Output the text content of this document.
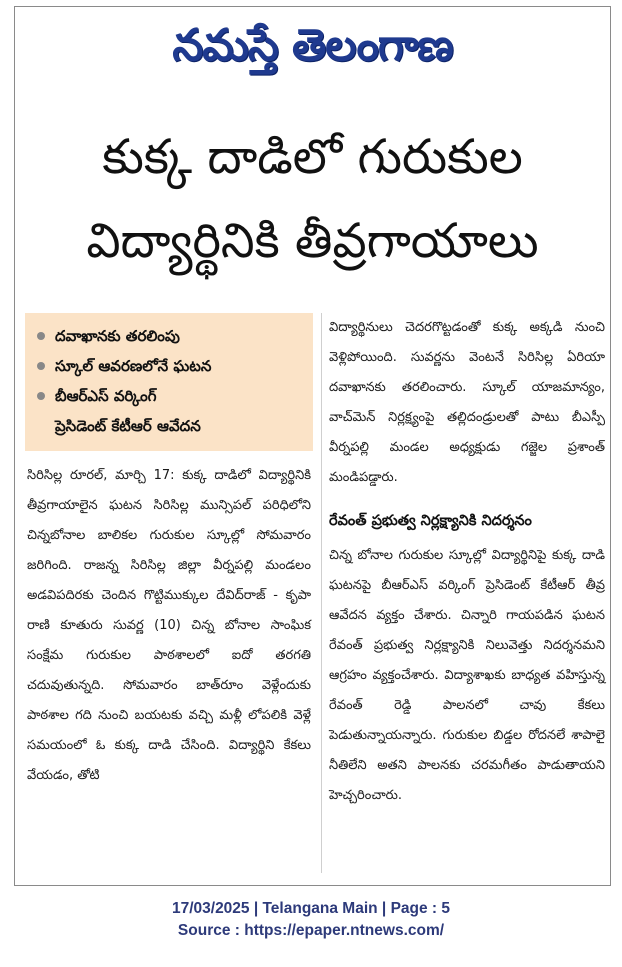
నమస్తే తెలంగాణ
కుక్క దాడిలో గురుకుల
విద్యార్థినికి తీవ్రగాయాలు
దవాఖానకు తరలింపు
స్కూల్ ఆవరణలోనే ఘటన
బీఆర్ఎస్ వర్కింగ్
ప్రెసిడెంట్ కేటీఆర్ ఆవేదన

సిరిసిల్ల రూరల్, మార్చి 17: కుక్క దాడిలో విద్యార్థినికి తీవ్రగాయాలైన ఘటన సిరిసిల్ల మున్సిపల్ పరిధిలోని చిన్నబోనాల బాలికల గురుకుల స్కూల్లో సోమవారం జరిగింది. రాజన్న సిరిసిల్ల జిల్లా వీర్నపల్లి మండలం అడవిపదిరకు చెందిన గొట్టిముక్కుల దేవిద్‌రాజ్ - కృపా రాణి కూతురు సువర్ణ (10) చిన్న బోనాల సాంఘిక సంక్షేమ గురుకుల పాఠశాలలో ఐదో తరగతి చదువుతున్నది. సోమవారం బాత్‌రూం వెళ్లేందుకు పాఠశాల గది నుంచి బయటకు వచ్చి మళ్లీ లోపలికి వెళ్లే సమయంలో ఓ కుక్క దాడి చేసింది. విద్యార్థిని కేకలు వేయడం, తోటి

విద్యార్థినులు చెదరగొట్టడంతో కుక్క అక్కడి నుంచి వెళ్లిపోయింది. సువర్ణను వెంటనే సిరిసిల్ల ఏరియా దవాఖానకు తరలించారు. స్కూల్ యాజమాన్యం, వాచ్‌మెన్ నిర్లక్ష్యంపై తల్లిదండ్రులతో పాటు బీఎస్పీ వీర్నపల్లి మండల అధ్యక్షుడు గజ్జెల ప్రశాంత్ మండిపడ్డారు.

రేవంత్ ప్రభుత్వ నిర్లక్ష్యానికి నిదర్శనం

చిన్న బోనాల గురుకుల స్కూల్లో విద్యార్థినిపై కుక్క దాడి ఘటనపై బీఆర్ఎస్ వర్కింగ్ ప్రెసిడెంట్ కేటీఆర్ తీవ్ర ఆవేదన వ్యక్తం చేశారు. చిన్నారి గాయపడిన ఘటన రేవంత్ ప్రభుత్వ నిర్లక్ష్యానికి నిలువెత్తు నిదర్శనమని ఆగ్రహం వ్యక్తంచేశారు. విద్యాశాఖకు బాధ్యత వహిస్తున్న రేవంత్ రెడ్డి పాలనలో చావు కేకలు పెడుతున్నాయన్నారు. గురుకుల బిడ్డల రోదనలే శాపాలై నీతిలేని అతని పాలనకు చరమగీతం పాడుతాయని హెచ్చరించారు.

17/03/2025 | Telangana Main | Page : 5
Source : https://epaper.ntnews.com/
